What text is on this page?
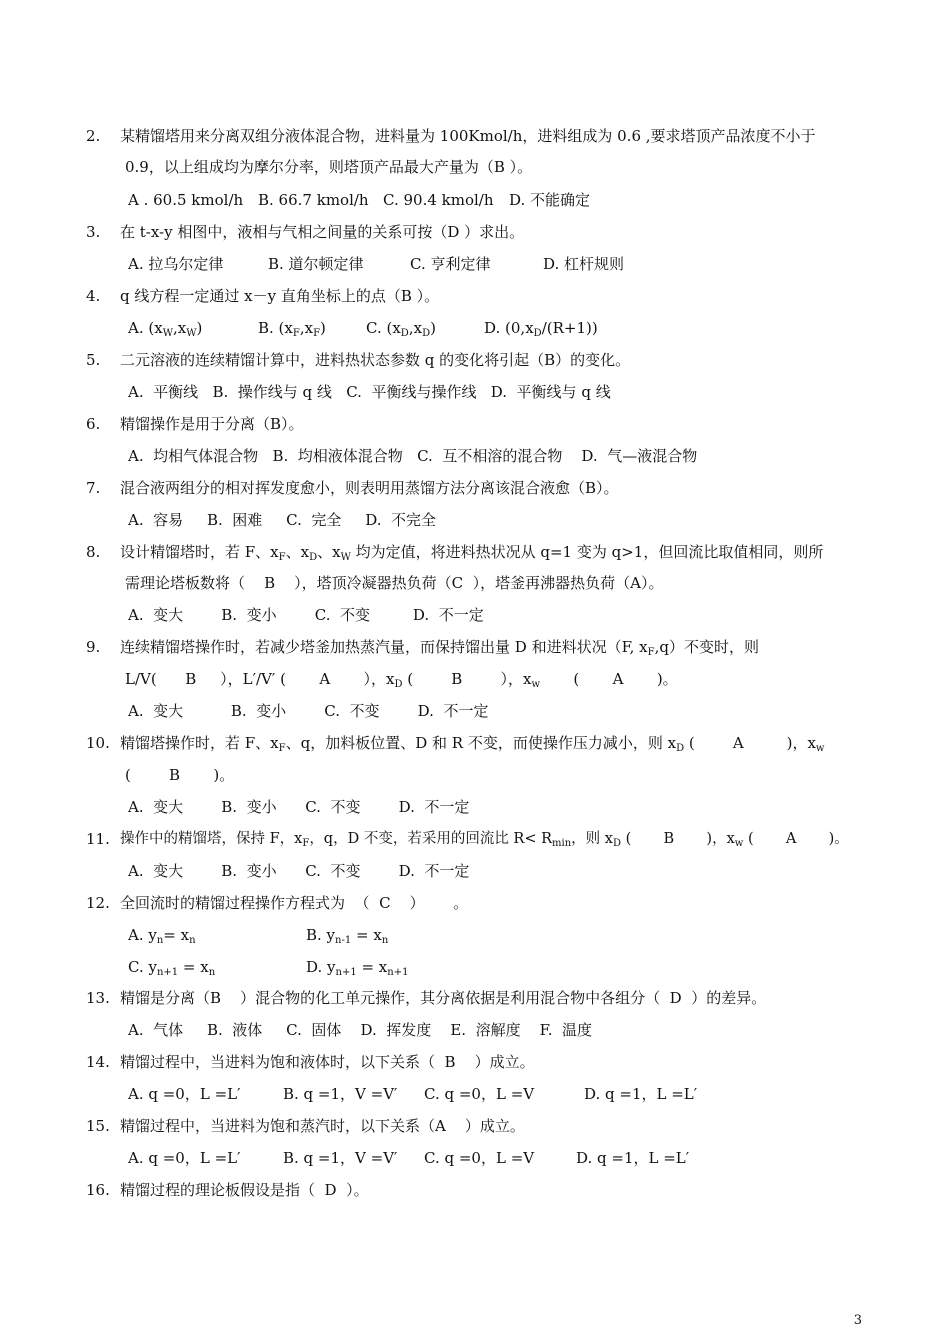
2.	某精馏塔用来分离双组分液体混合物，进料量为 100Kmol/h，进料组成为 0.6 ,要求塔顶产品浓度不小于
0.9，以上组成均为摩尔分率，则塔顶产品最大产量为（B ）。
A . 60.5 kmol/h B. 66.7 kmol/h C. 90.4 kmol/h D. 不能确定
3.	在 t-x-y 相图中，液相与气相之间量的关系可按（D ）求出。
A. 拉乌尔定律	B. 道尔顿定律	C. 亨利定律	D. 杠杆规则
4.	q 线方程一定通过 x－y 直角坐标上的点（B ）。
A. $(x_W,x_W)$	B. $(x_F,x_F)$	C. $(x_D,x_D)$	D. $(0,x_D/(R+1))$
5.	二元溶液的连续精馏计算中，进料热状态参数 q 的变化将引起（B）的变化。
A.  平衡线   B.  操作线与 q 线   C.  平衡线与操作线   D.  平衡线与 q 线
6.	精馏操作是用于分离（B）。
A.  均相气体混合物   B.  均相液体混合物   C.  互不相溶的混合物    D.  气—液混合物
7.	混合液两组分的相对挥发度愈小，则表明用蒸馏方法分离该混合液愈（B）。
A.  容易     B.  困难     C.  完全     D.  不完全
8.	设计精馏塔时，若 F、$x_F$、$x_D$、$x_W$ 均为定值，将进料热状况从 q=1 变为 q>1，但回流比取值相同，则所
需理论塔板数将（    B    ），塔顶冷凝器热负荷（C  ），塔釜再沸器热负荷（A）。
A.  变大        B.  变小        C.  不变         D.  不一定
9.	连续精馏塔操作时，若减少塔釜加热蒸汽量，而保持馏出量 D 和进料状况（F, $x_F,q$）不变时，则
L/V(      B     ），L′/V′ (       A       ），$x_D$ (        B        ），$x_w$       (       A       )。
A.  变大          B.  变小        C.  不变        D.  不一定
10. 精馏塔操作时，若 F、$x_F$、q，加料板位置、D 和 R 不变，而使操作压力减小，则 $x_D$ (        A         )，$x_w$
(        B       )。
A.  变大        B.  变小      C.  不变        D.  不一定
11. 操作中的精馏塔，保持 F，$x_F$，q，D 不变，若采用的回流比 $R< R_{min}$，则 $x_D$ (       B       )，$x_w$ (       A       )。
A.  变大        B.  变小      C.  不变        D.  不一定
12. 全回流时的精馏过程操作方程式为  （  C    ）      。
A. $y_n= x_n$	B. $y_{n-1} = x_n$
C. $y_{n+1} = x_n$	D. $y_{n+1} = x_{n+1}$
13. 精馏是分离（B    ）混合物的化工单元操作，其分离依据是利用混合物中各组分（  D  ）的差异。
A.  气体     B.  液体     C.  固体    D.  挥发度    E.  溶解度    F.  温度
14. 精馏过程中，当进料为饱和液体时，以下关系（  B    ）成立。
A. q =0，L =L′	B. q =1，V =V′ C. q =0，L =V	D. q =1，L =L′
15. 精馏过程中，当进料为饱和蒸汽时，以下关系（A    ）成立。
A. q =0，L =L′	B. q =1，V =V′ C. q =0，L =V	D. q =1，L =L′
16. 精馏过程的理论板假设是指（  D  ）。
3
